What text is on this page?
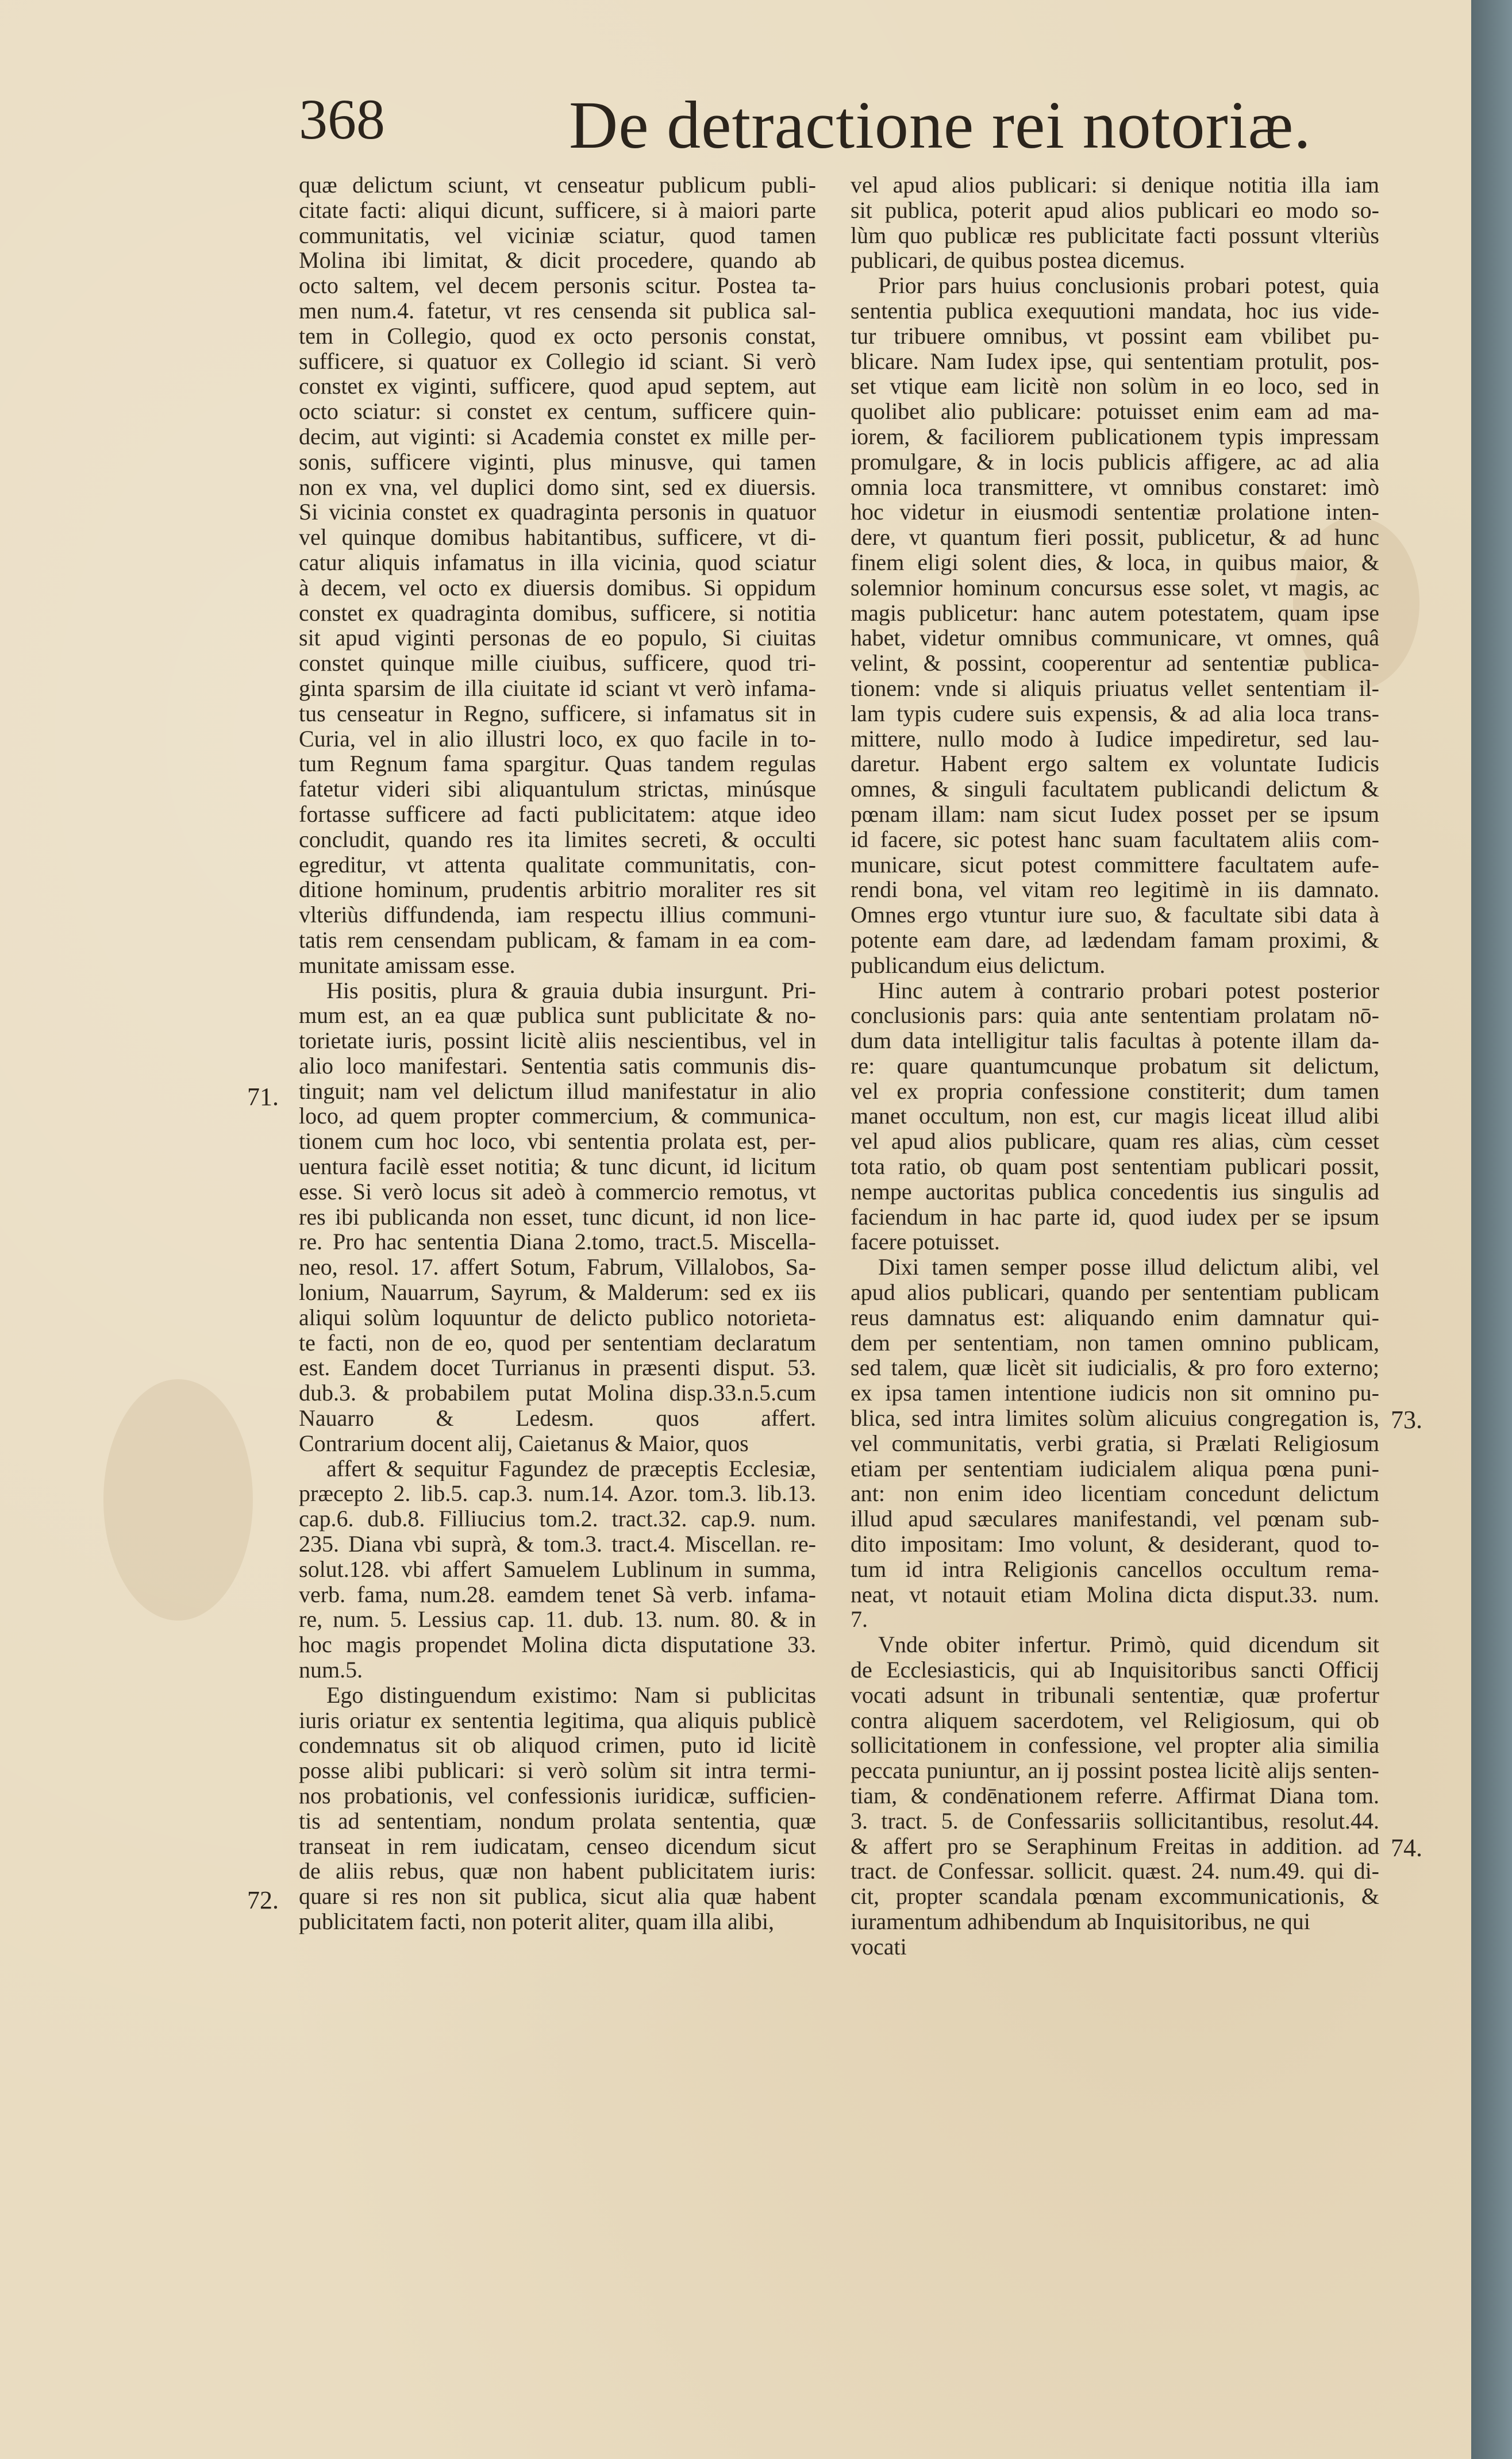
368	De detractione rei notoriæ.
quæ delictum sciunt, vt censeatur publicum publi-
citate facti: aliqui dicunt, sufficere, si à maiori parte
communitatis, vel viciniæ sciatur, quod tamen
Molina ibi limitat, & dicit procedere, quando ab
octo saltem, vel decem personis scitur. Postea ta-
men num.4. fatetur, vt res censenda sit publica sal-
tem in Collegio, quod ex octo personis constat,
sufficere, si quatuor ex Collegio id sciant. Si verò
constet ex viginti, sufficere, quod apud septem, aut
octo sciatur: si constet ex centum, sufficere quin-
decim, aut viginti: si Academia constet ex mille per-
sonis, sufficere viginti, plus minusve, qui tamen
non ex vna, vel duplici domo sint, sed ex diuersis.
Si vicinia constet ex quadraginta personis in quatuor
vel quinque domibus habitantibus, sufficere, vt di-
catur aliquis infamatus in illa vicinia, quod sciatur
à decem, vel octo ex diuersis domibus. Si oppidum
constet ex quadraginta domibus, sufficere, si notitia
sit apud viginti personas de eo populo, Si ciuitas
constet quinque mille ciuibus, sufficere, quod tri-
ginta sparsim de illa ciuitate id sciant vt verò infama-
tus censeatur in Regno, sufficere, si infamatus sit in
Curia, vel in alio illustri loco, ex quo facile in to-
tum Regnum fama spargitur. Quas tandem regulas
fatetur videri sibi aliquantulum strictas, minúsque
fortasse sufficere ad facti publicitatem: atque ideo
concludit, quando res ita limites secreti, & occulti
egreditur, vt attenta qualitate communitatis, con-
ditione hominum, prudentis arbitrio moraliter res sit
vlteriùs diffundenda, iam respectu illius communi-
tatis rem censendam publicam, & famam in ea com-
munitate amissam esse.
His positis, plura & grauia dubia insurgunt. Pri-
mum est, an ea quæ publica sunt publicitate & no-
torietate iuris, possint licitè aliis nescientibus, vel in
alio loco manifestari. Sententia satis communis dis-
tinguit; nam vel delictum illud manifestatur in alio
loco, ad quem propter commercium, & communica-
tionem cum hoc loco, vbi sententia prolata est, per-
uentura facilè esset notitia; & tunc dicunt, id licitum
esse. Si verò locus sit adeò à commercio remotus, vt
res ibi publicanda non esset, tunc dicunt, id non lice-
re. Pro hac sententia Diana 2.tomo, tract.5. Miscella-
neo, resol. 17. affert Sotum, Fabrum, Villalobos, Sa-
lonium, Nauarrum, Sayrum, & Malderum: sed ex iis
aliqui solùm loquuntur de delicto publico notorieta-
te facti, non de eo, quod per sententiam declaratum
est. Eandem docet Turrianus in præsenti disput. 53.
dub.3. & probabilem putat Molina disp.33.n.5.cum
Nauarro & Ledesm. quos affert.
Contrarium docent alij, Caietanus & Maior, quos
affert & sequitur Fagundez de præceptis Ecclesiæ,
præcepto 2. lib.5. cap.3. num.14. Azor. tom.3. lib.13.
cap.6. dub.8. Filliucius tom.2. tract.32. cap.9. num.
235. Diana vbi suprà, & tom.3. tract.4. Miscellan. re-
solut.128. vbi affert Samuelem Lublinum in summa,
verb. fama, num.28. eamdem tenet Sà verb. infama-
re, num. 5. Lessius cap. 11. dub. 13. num. 80. & in
hoc magis propendet Molina dicta disputatione 33.
num.5.
Ego distinguendum existimo: Nam si publicitas
iuris oriatur ex sententia legitima, qua aliquis publicè
condemnatus sit ob aliquod crimen, puto id licitè
posse alibi publicari: si verò solùm sit intra termi-
nos probationis, vel confessionis iuridicæ, sufficien-
tis ad sententiam, nondum prolata sententia, quæ
transeat in rem iudicatam, censeo dicendum sicut
de aliis rebus, quæ non habent publicitatem iuris:
quare si res non sit publica, sicut alia quæ habent
publicitatem facti, non poterit aliter, quam illa alibi,
vel apud alios publicari: si denique notitia illa iam
sit publica, poterit apud alios publicari eo modo so-
lùm quo publicæ res publicitate facti possunt vlteriùs
publicari, de quibus postea dicemus.
Prior pars huius conclusionis probari potest, quia
sententia publica exequutioni mandata, hoc ius vide-
tur tribuere omnibus, vt possint eam vbilibet pu-
blicare. Nam Iudex ipse, qui sententiam protulit, pos-
set vtique eam licitè non solùm in eo loco, sed in
quolibet alio publicare: potuisset enim eam ad ma-
iorem, & faciliorem publicationem typis impressam
promulgare, & in locis publicis affigere, ac ad alia
omnia loca transmittere, vt omnibus constaret: imò
hoc videtur in eiusmodi sententiæ prolatione inten-
dere, vt quantum fieri possit, publicetur, & ad hunc
finem eligi solent dies, & loca, in quibus maior, &
solemnior hominum concursus esse solet, vt magis, ac
magis publicetur: hanc autem potestatem, quam ipse
habet, videtur omnibus communicare, vt omnes, quâ
velint, & possint, cooperentur ad sententiæ publica-
tionem: vnde si aliquis priuatus vellet sententiam il-
lam typis cudere suis expensis, & ad alia loca trans-
mittere, nullo modo à Iudice impediretur, sed lau-
daretur. Habent ergo saltem ex voluntate Iudicis
omnes, & singuli facultatem publicandi delictum &
pœnam illam: nam sicut Iudex posset per se ipsum
id facere, sic potest hanc suam facultatem aliis com-
municare, sicut potest committere facultatem aufe-
rendi bona, vel vitam reo legitimè in iis damnato.
Omnes ergo vtuntur iure suo, & facultate sibi data à
potente eam dare, ad lædendam famam proximi, &
publicandum eius delictum.
Hinc autem à contrario probari potest posterior
conclusionis pars: quia ante sententiam prolatam nō-
dum data intelligitur talis facultas à potente illam da-
re: quare quantumcunque probatum sit delictum,
vel ex propria confessione constiterit; dum tamen
manet occultum, non est, cur magis liceat illud alibi
vel apud alios publicare, quam res alias, cùm cesset
tota ratio, ob quam post sententiam publicari possit,
nempe auctoritas publica concedentis ius singulis ad
faciendum in hac parte id, quod iudex per se ipsum
facere potuisset.
Dixi tamen semper posse illud delictum alibi, vel
apud alios publicari, quando per sententiam publicam
reus damnatus est: aliquando enim damnatur qui-
dem per sententiam, non tamen omnino publicam,
sed talem, quæ licèt sit iudicialis, & pro foro externo;
ex ipsa tamen intentione iudicis non sit omnino pu-
blica, sed intra limites solùm alicuius congregation is,
vel communitatis, verbi gratia, si Prælati Religiosum
etiam per sententiam iudicialem aliqua pœna puni-
ant: non enim ideo licentiam concedunt delictum
illud apud sæculares manifestandi, vel pœnam sub-
dito impositam: Imo volunt, & desiderant, quod to-
tum id intra Religionis cancellos occultum rema-
neat, vt notauit etiam Molina dicta disput.33. num.
7.
Vnde obiter infertur. Primò, quid dicendum sit
de Ecclesiasticis, qui ab Inquisitoribus sancti Officij
vocati adsunt in tribunali sententiæ, quæ profertur
contra aliquem sacerdotem, vel Religiosum, qui ob
sollicitationem in confessione, vel propter alia similia
peccata puniuntur, an ij possint postea licitè alijs senten-
tiam, & condēnationem referre. Affirmat Diana tom.
3. tract. 5. de Confessariis sollicitantibus, resolut.44.
& affert pro se Seraphinum Freitas in addition. ad
tract. de Confessar. sollicit. quæst. 24. num.49. qui di-
cit, propter scandala pœnam excommunicationis, &
iuramentum adhibendum ab Inquisitoribus, ne qui
vocati
71.
72.
73.
74.
